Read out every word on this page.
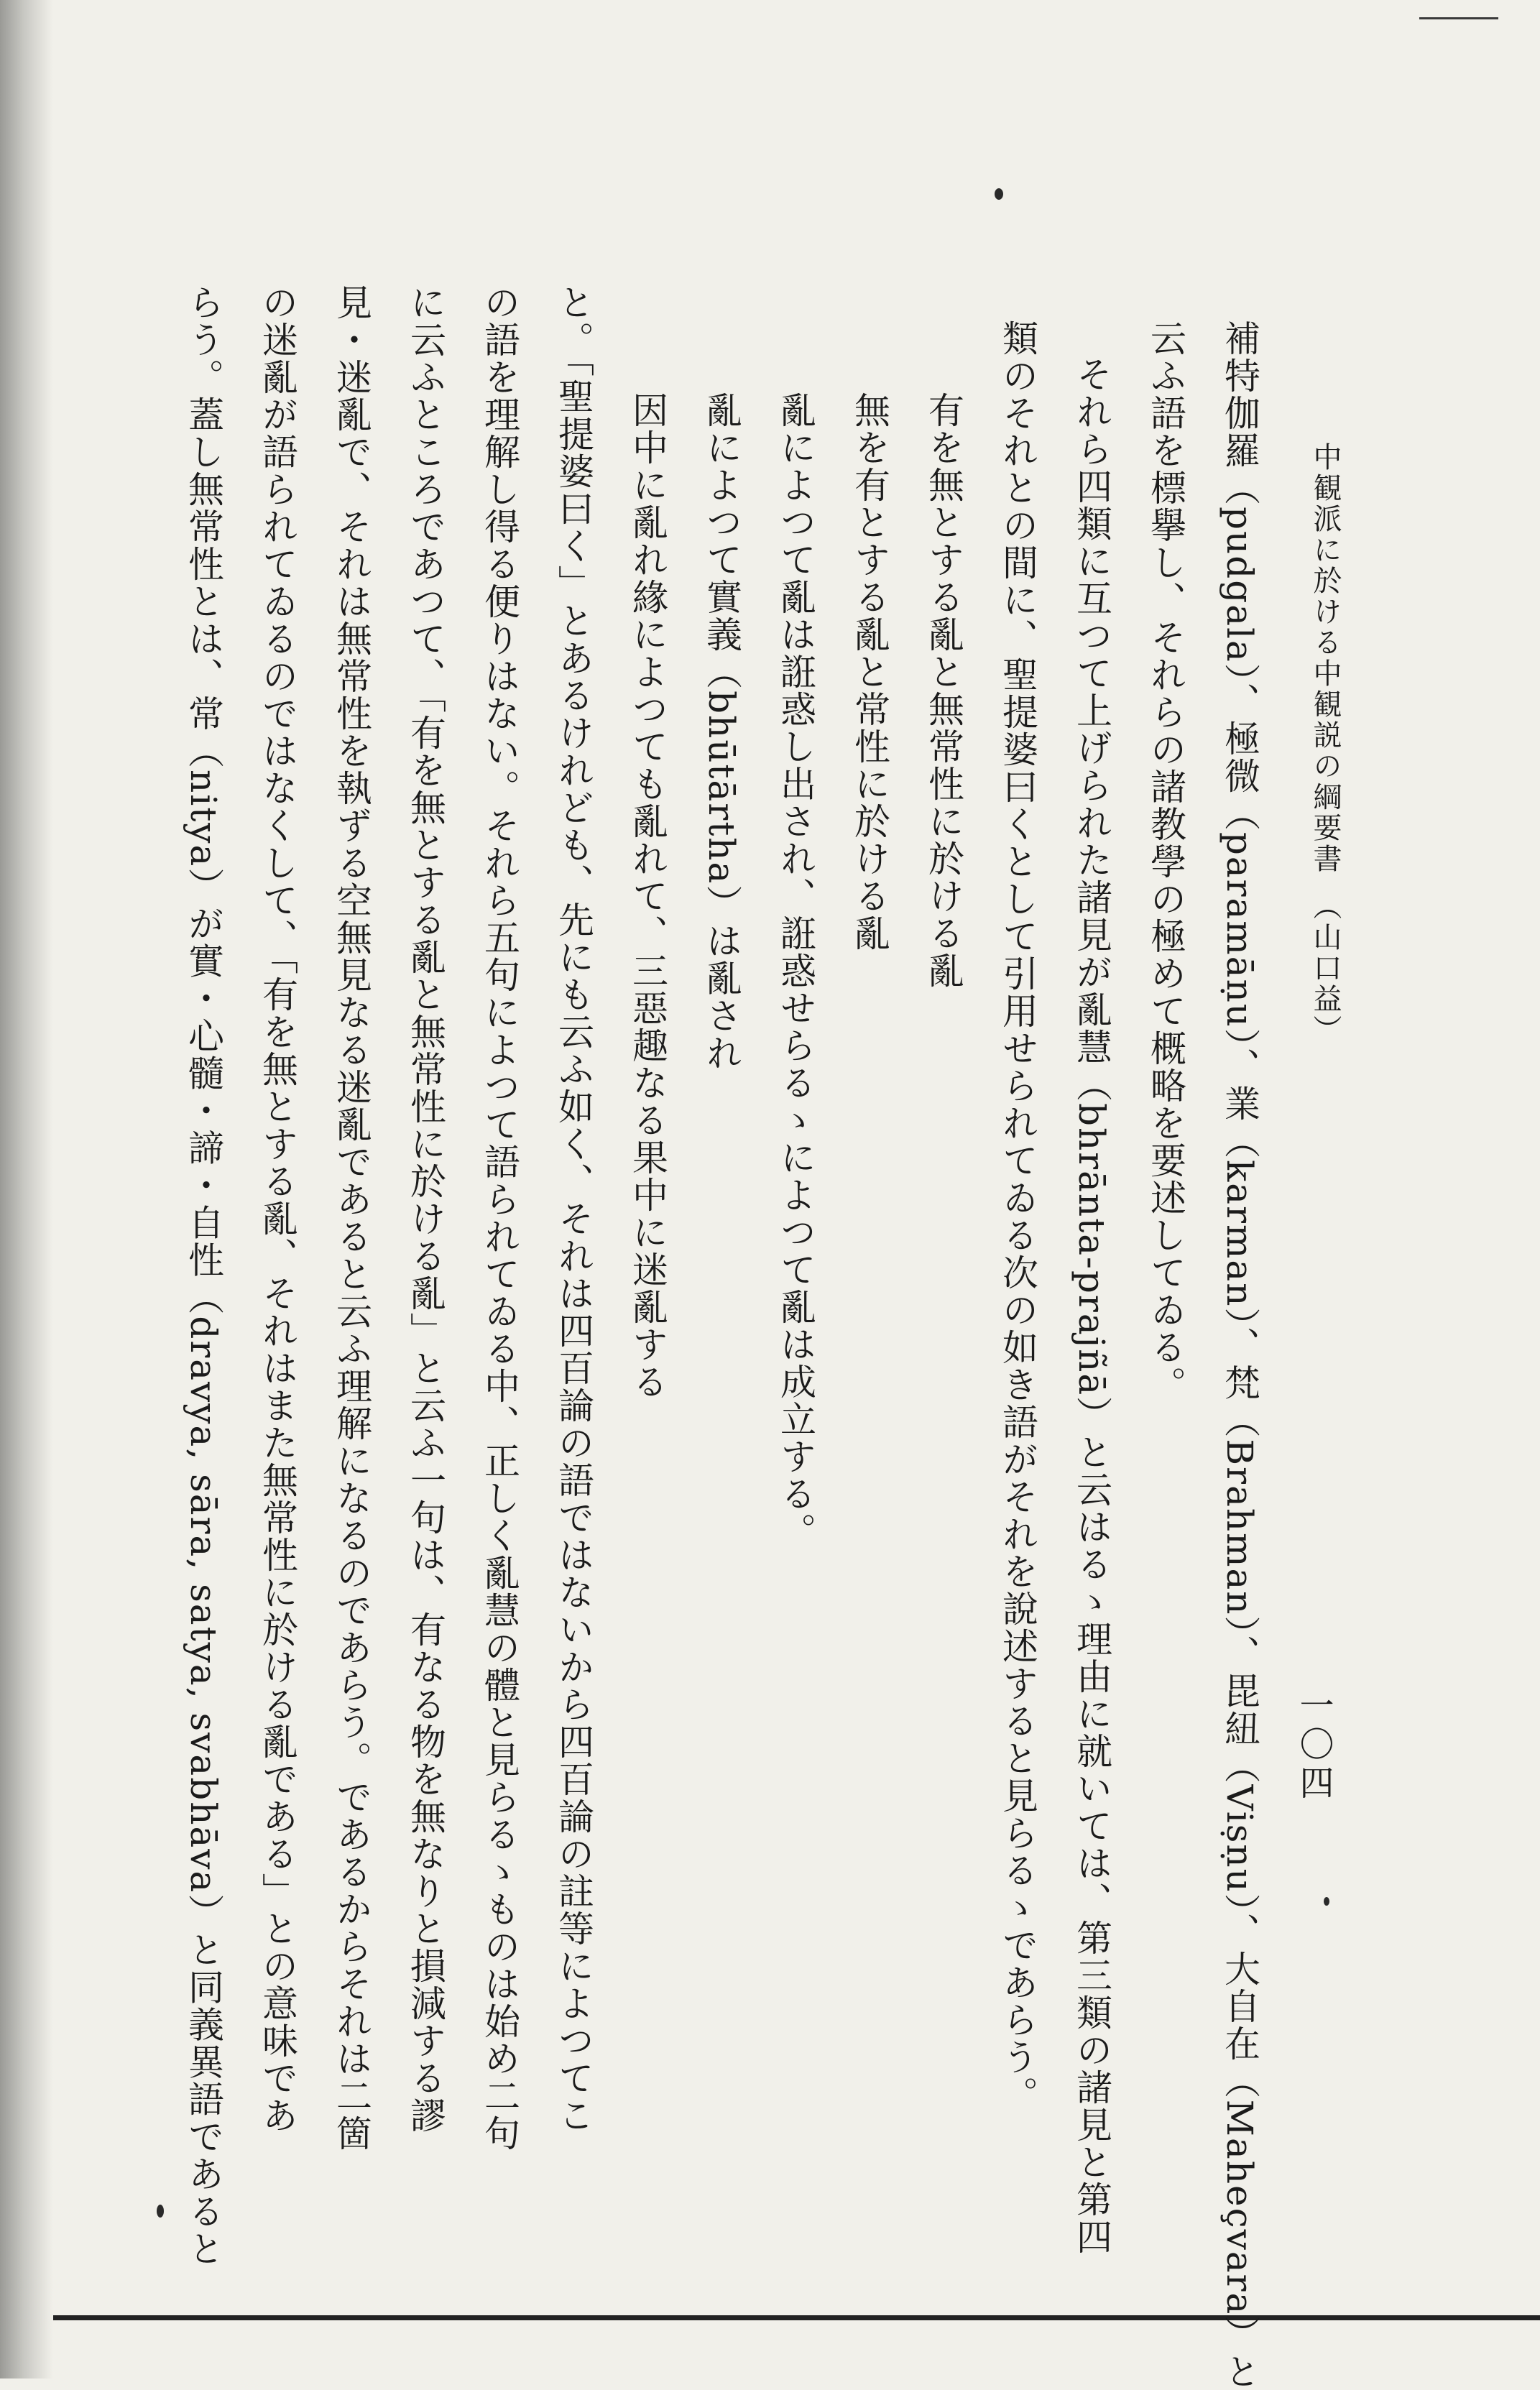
中観派に於ける中観説の綱要書　（山口益）
一〇四
補特伽羅（pudgala）、極微（paramāṇu）、業（karman）、梵（Brahman）、毘紐（Viṣṇu）、大自在（Maheçvara）と
云ふ語を標擧し、それらの諸教學の極めて概略を要述してゐる。
それら四類に互つて上げられた諸見が亂慧（bhrānta-prajñā）と云はるゝ理由に就いては、第三類の諸見と第四
類のそれとの間に、聖提婆曰くとして引用せられてゐる次の如き語がそれを說述すると見らるゝであらう。
有を無とする亂と無常性に於ける亂
無を有とする亂と常性に於ける亂
亂によつて亂は誑惑し出され、誑惑せらるゝによつて亂は成立する。
亂によつて實義（bhūtārtha）は亂され
因中に亂れ緣によつても亂れて、三惡趣なる果中に迷亂する
と。「聖提婆曰く」とあるけれども、先にも云ふ如く、それは四百論の語ではないから四百論の註等によつてこ
の語を理解し得る便りはない。それら五句によつて語られてゐる中、正しく亂慧の體と見らるゝものは始め二句
に云ふところであつて、「有を無とする亂と無常性に於ける亂」と云ふ一句は、有なる物を無なりと損減する謬
見・迷亂で、それは無常性を執ずる空無見なる迷亂であると云ふ理解になるのであらう。であるからそれは二箇
の迷亂が語られてゐるのではなくして、「有を無とする亂、それはまた無常性に於ける亂である」との意味であ
らう。蓋し無常性とは、常（nitya）が實・心髓・諦・自性（dravya, sāra, satya, svabhāva）と同義異語であると
